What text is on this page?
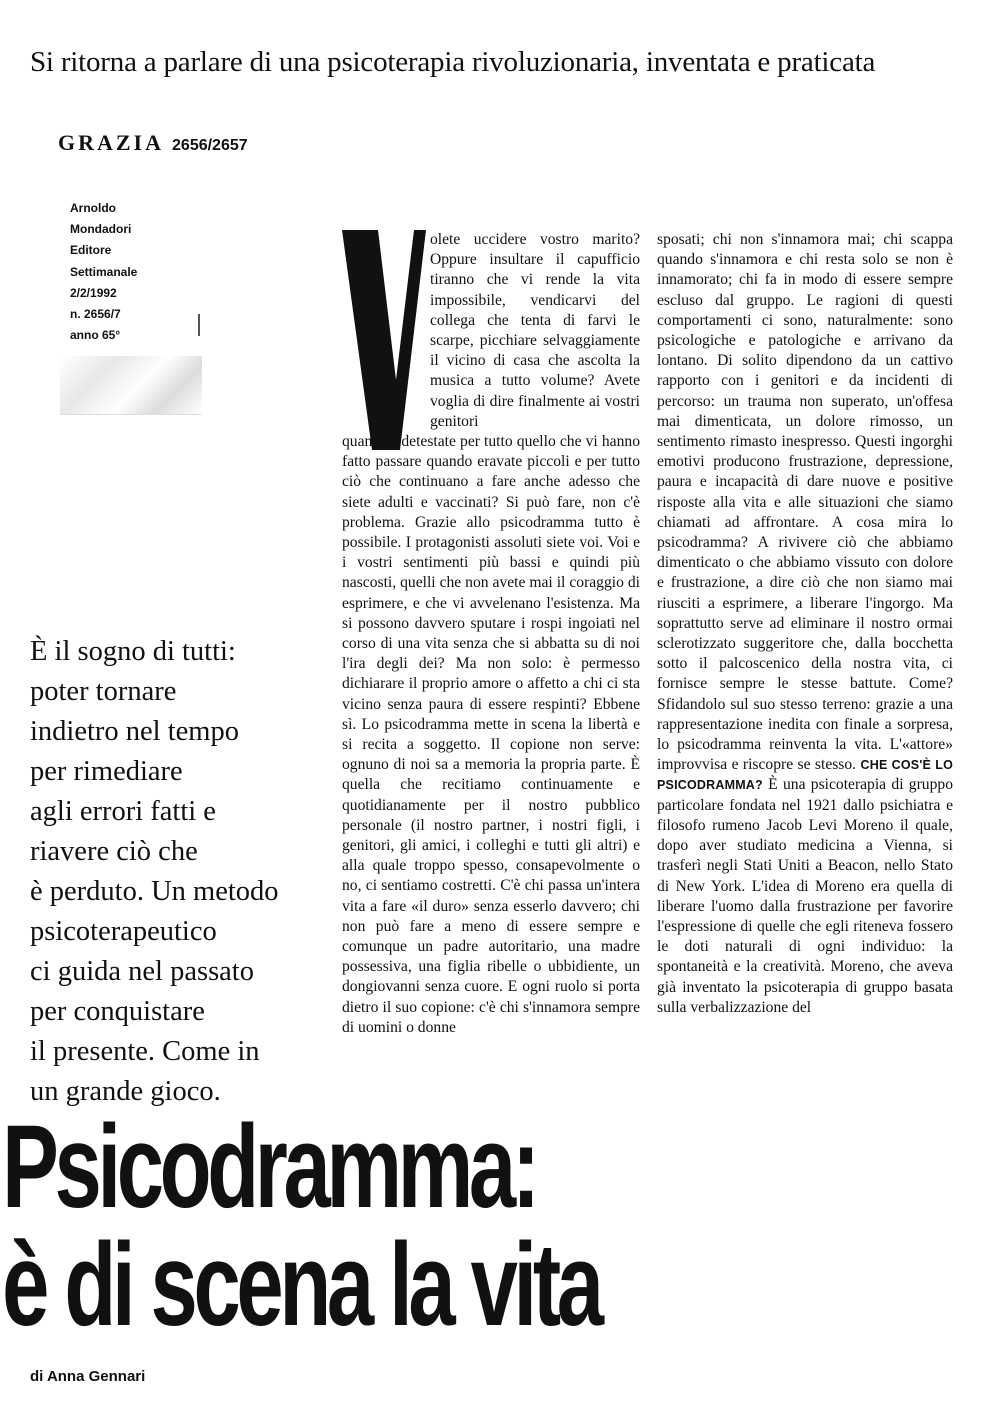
Si ritorna a parlare di una psicoterapia rivoluzionaria, inventata e praticata
GRAZIA 2656/2657
Arnoldo
Mondadori
Editore
Settimanale
2/2/1992
n. 2656/7
anno 65°

olete uccidere vostro marito? Oppure insultare il capufficio tiranno che vi rende la vita impossibile, vendicarvi del collega che tenta di farvi le scarpe, picchiare selvaggiamente il vicino di casa che ascolta la musica a tutto volume? Avete voglia di dire finalmente ai vostri genitori

quanto li detestate per tutto quello che vi hanno fatto passare quando eravate piccoli e per tutto ciò che continuano a fare anche adesso che siete adulti e vaccinati? Si può fare, non c'è problema. Grazie allo psicodramma tutto è possibile. I protagonisti assoluti siete voi. Voi e i vostri sentimenti più bassi e quindi più nascosti, quelli che non avete mai il coraggio di esprimere, e che vi avvelenano l'esistenza. Ma si possono davvero sputare i rospi ingoiati nel corso di una vita senza che si abbatta su di noi l'ira degli dei? Ma non solo: è permesso dichiarare il proprio amore o affetto a chi ci sta vicino senza paura di essere respinti? Ebbene sì. Lo psicodramma mette in scena la libertà e si recita a soggetto. Il copione non serve: ognuno di noi sa a memoria la propria parte. È quella che recitiamo continuamente e quotidianamente per il nostro pubblico personale (il nostro partner, i nostri figli, i genitori, gli amici, i colleghi e tutti gli altri) e alla quale troppo spesso, consapevolmente o no, ci sentiamo costretti. C'è chi passa un'intera vita a fare «il duro» senza esserlo davvero; chi non può fare a meno di essere sempre e comunque un padre autoritario, una madre possessiva, una figlia ribelle o ubbidiente, un dongiovanni senza cuore. E ogni ruolo si porta dietro il suo copione: c'è chi s'innamora sempre di uomini o donne

sposati; chi non s'innamora mai; chi scappa quando s'innamora e chi resta solo se non è innamorato; chi fa in modo di essere sempre escluso dal gruppo. Le ragioni di questi comportamenti ci sono, naturalmente: sono psicologiche e patologiche e arrivano da lontano. Di solito dipendono da un cattivo rapporto con i genitori e da incidenti di percorso: un trauma non superato, un'offesa mai dimenticata, un dolore rimosso, un sentimento rimasto inespresso. Questi ingorghi emotivi producono frustrazione, depressione, paura e incapacità di dare nuove e positive risposte alla vita e alle situazioni che siamo chiamati ad affrontare. A cosa mira lo psicodramma? A rivivere ciò che abbiamo dimenticato o che abbiamo vissuto con dolore e frustrazione, a dire ciò che non siamo mai riusciti a esprimere, a liberare l'ingorgo. Ma soprattutto serve ad eliminare il nostro ormai sclerotizzato suggeritore che, dalla bocchetta sotto il palcoscenico della nostra vita, ci fornisce sempre le stesse battute. Come? Sfidandolo sul suo stesso terreno: grazie a una rappresentazione inedita con finale a sorpresa, lo psicodramma reinventa la vita. L'«attore» improvvisa e riscopre se stesso. CHE COS'È LO PSICODRAMMA? È una psicoterapia di gruppo particolare fondata nel 1921 dallo psichiatra e filosofo rumeno Jacob Levi Moreno il quale, dopo aver studiato medicina a Vienna, si trasferì negli Stati Uniti a Beacon, nello Stato di New York. L'idea di Moreno era quella di liberare l'uomo dalla frustrazione per favorire l'espressione di quelle che egli riteneva fossero le doti naturali di ogni individuo: la spontaneità e la creatività. Moreno, che aveva già inventato la psicoterapia di gruppo basata sulla verbalizzazione del

È il sogno di tutti:
poter tornare
indietro nel tempo
per rimediare
agli errori fatti e
riavere ciò che
è perduto. Un metodo
psicoterapeutico
ci guida nel passato
per conquistare
il presente. Come in
un grande gioco.
Psicodramma:
è di scena la vita
di Anna Gennari
